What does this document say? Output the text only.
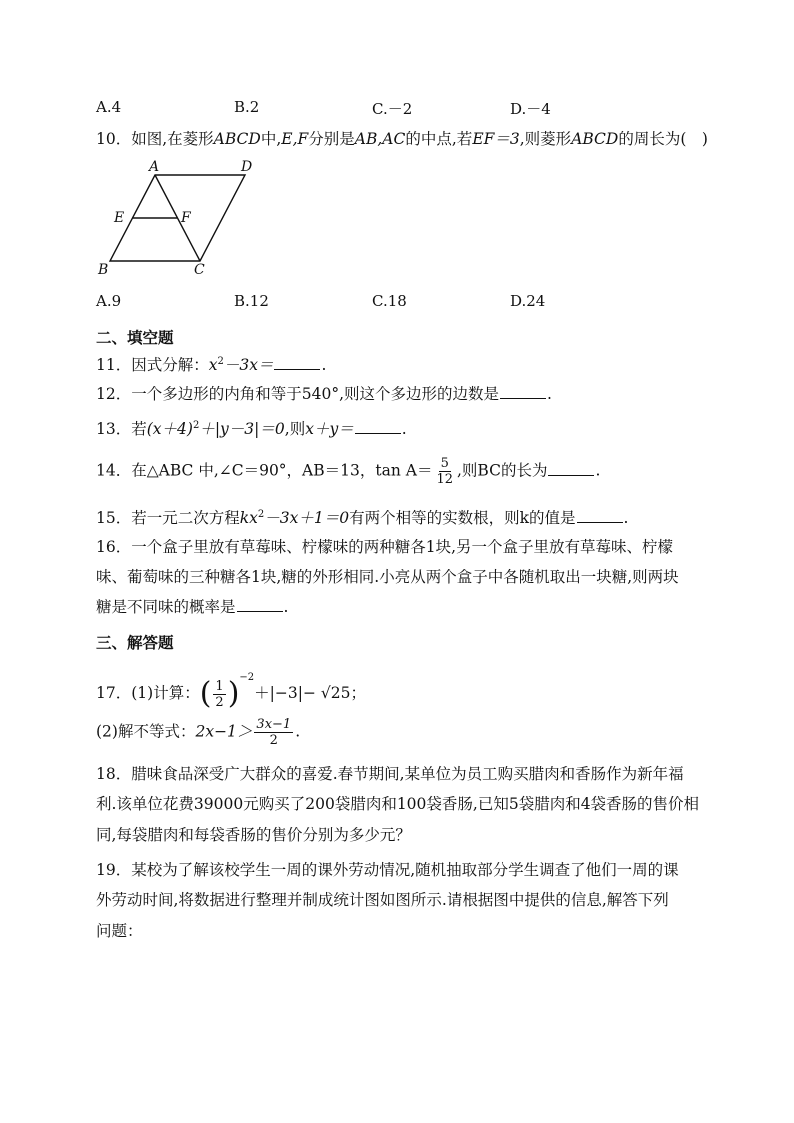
A.4	B.2	C.－2	D.－4
10．如图,在菱形ABCD中,E,F分别是AB,AC的中点,若EF＝3,则菱形ABCD的周长为(　)
A	D
E	F
B	C
A.9	B.12	C.18	D.24
二、填空题
11．因式分解：$x^2-3x=$	.
12．一个多边形的内角和等于540°,则这个多边形的边数是	.
13．若$(x+4)^2+|y-3|=0$,则x＋y＝	.
14．在△ABC 中,∠C＝90°，AB＝13，$\tan A= \frac{5}{12}$ ,则BC的长为	.
15．若一元二次方程$kx^2-3x+1=0$有两个相等的实数根，则k的值是	.
16．一个盒子里放有草莓味、柠檬味的两种糖各1块,另一个盒子里放有草莓味、柠檬
味、葡萄味的三种糖各1块,糖的外形相同.小亮从两个盒子中各随机取出一块糖,则两块
糖是不同味的概率是	.
三、解答题
17．(1)计算：( $\frac{1}{2} )^{-2}+|-3|- √25$；
(2)解不等式：$2x-1> \frac{3x-1}{2}$ .
18．腊味食品深受广大群众的喜爱.春节期间,某单位为员工购买腊肉和香肠作为新年福
利.该单位花费39000元购买了200袋腊肉和100袋香肠,已知5袋腊肉和4袋香肠的售价相
同,每袋腊肉和每袋香肠的售价分别为多少元？
19．某校为了解该校学生一周的课外劳动情况,随机抽取部分学生调查了他们一周的课
外劳动时间,将数据进行整理并制成统计图如图所示.请根据图中提供的信息,解答下列
问题：
